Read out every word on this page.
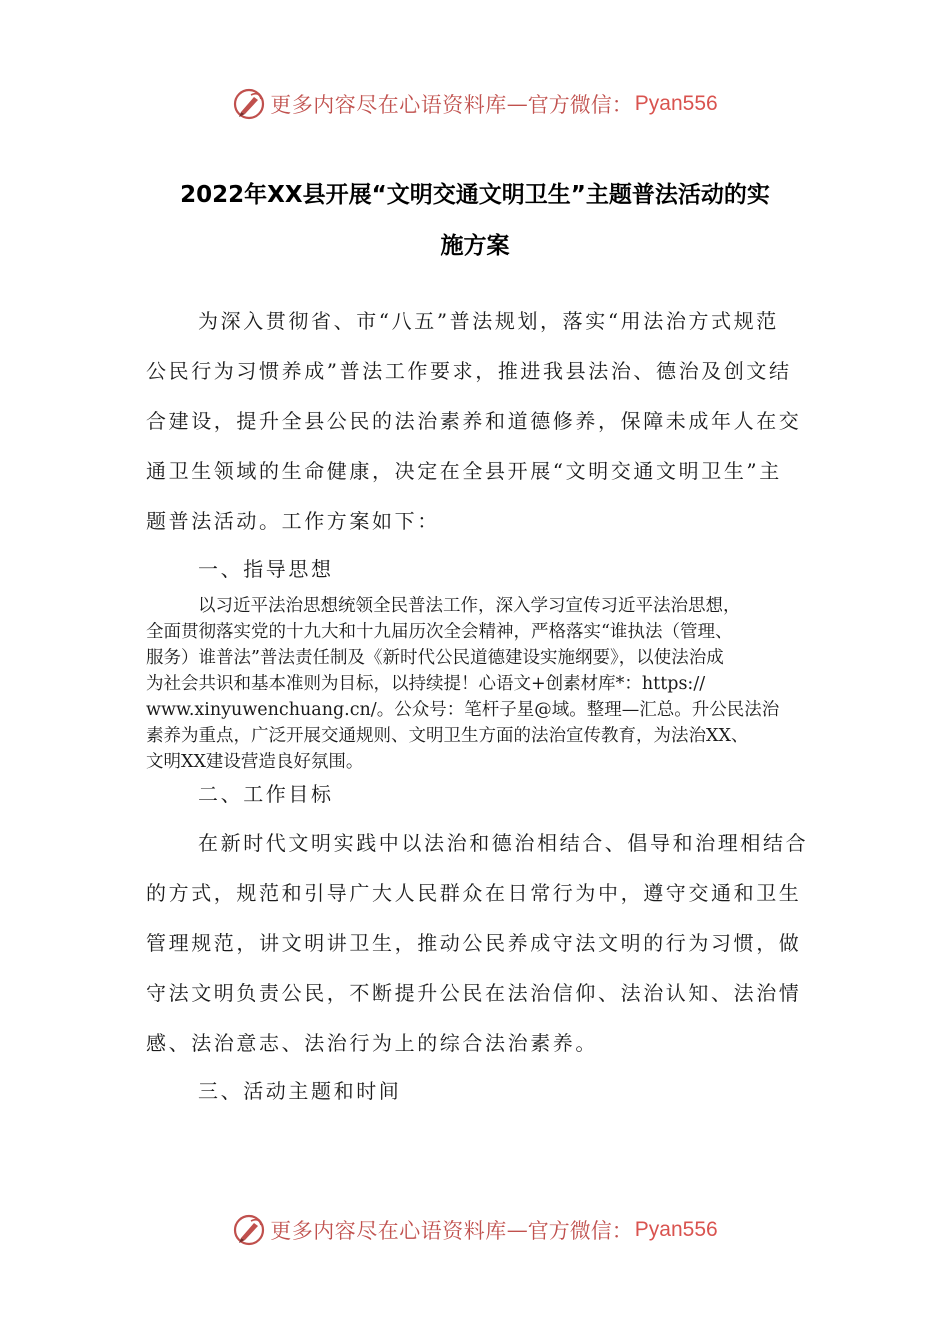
更多内容尽在心语资料库 — 官方微信： Pyan556
2022年XX县开展“文明交通文明卫生”主题普法活动的实
施方案

为深入贯彻省、市“八五”普法规划，落实“用法治方式规范

公民行为习惯养成”普法工作要求，推进我县法治、德治及创文结

合建设，提升全县公民的法治素养和道德修养，保障未成年人在交

通卫生领域的生命健康，决定在全县开展“文明交通文明卫生”主

题普法活动。工作方案如下：

一、指导思想

以习近平法治思想统领全民普法工作，深入学习宣传习近平法治思想，

全面贯彻落实党的十九大和十九届历次全会精神，严格落实“谁执法（管理、

服务）谁普法”普法责任制及《新时代公民道德建设实施纲要》，以使法治成

为社会共识和基本准则为目标，以持续提！心语文+创素材库*：https://

www.xinyuwenchuang.cn/。公众号：笔杆子星@域。整理—汇总。升公民法治

素养为重点，广泛开展交通规则、文明卫生方面的法治宣传教育，为法治XX、

文明XX建设营造良好氛围。

二、工作目标

在新时代文明实践中以法治和德治相结合、倡导和治理相结合

的方式，规范和引导广大人民群众在日常行为中，遵守交通和卫生

管理规范，讲文明讲卫生，推动公民养成守法文明的行为习惯，做

守法文明负责公民，不断提升公民在法治信仰、法治认知、法治情

感、法治意志、法治行为上的综合法治素养。

三、活动主题和时间

更多内容尽在心语资料库 — 官方微信： Pyan556
